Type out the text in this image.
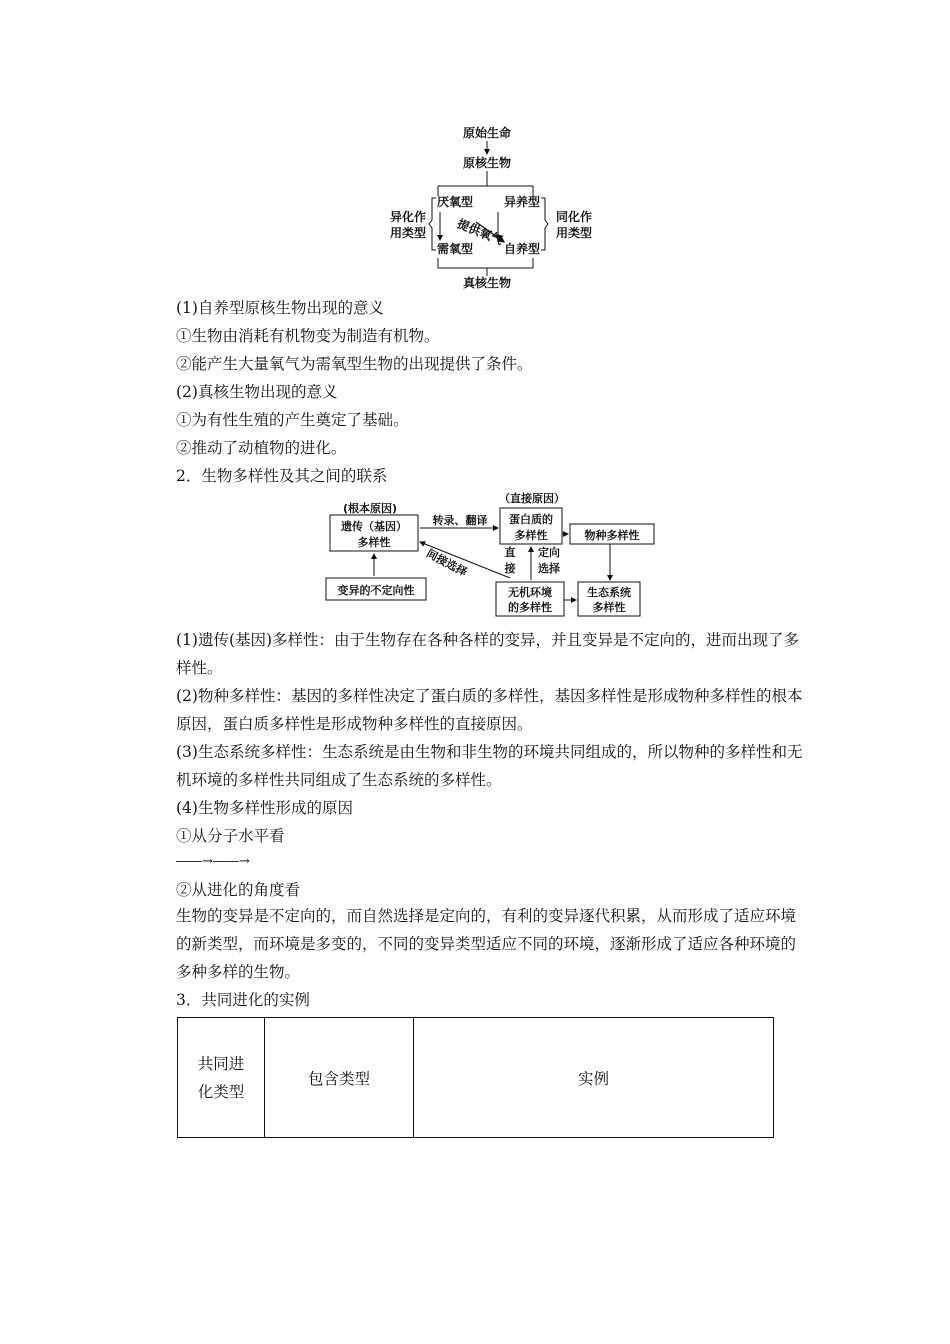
原始生命
原核生物
厌氧型	异养型
提供氧气
需氧型	自养型
异化作
用类型
同化作
用类型
真核生物
(1)自养型原核生物出现的意义
①生物由消耗有机物变为制造有机物。
②能产生大量氧气为需氧型生物的出现提供了条件。
(2)真核生物出现的意义
①为有性生殖的产生奠定了基础。
②推动了动植物的进化。
2．生物多样性及其之间的联系
(根本原因)
遗传（基因）
多样性
转录、翻译
（直接原因）
蛋白质的
多样性	物种多样性
间接选择	直
接
定向
选择
变异的不定向性	无机环境
的多样性
生态系统
多样性
(1)遗传(基因)多样性：由于生物存在各种各样的变异，并且变异是不定向的，进而出现了多样性。
(2)物种多样性：基因的多样性决定了蛋白质的多样性，基因多样性是形成物种多样性的根本原因，蛋白质多样性是形成物种多样性的直接原因。
(3)生态系统多样性：生态系统是由生物和非生物的环境共同组成的，所以物种的多样性和无机环境的多样性共同组成了生态系统的多样性。
(4)生物多样性形成的原因
①从分子水平看
――→――→
②从进化的角度看
生物的变异是不定向的，而自然选择是定向的，有利的变异逐代积累，从而形成了适应环境的新类型，而环境是多变的，不同的变异类型适应不同的环境，逐渐形成了适应各种环境的多种多样的生物。
3．共同进化的实例
共同进
化类型
	包含类型	实例
